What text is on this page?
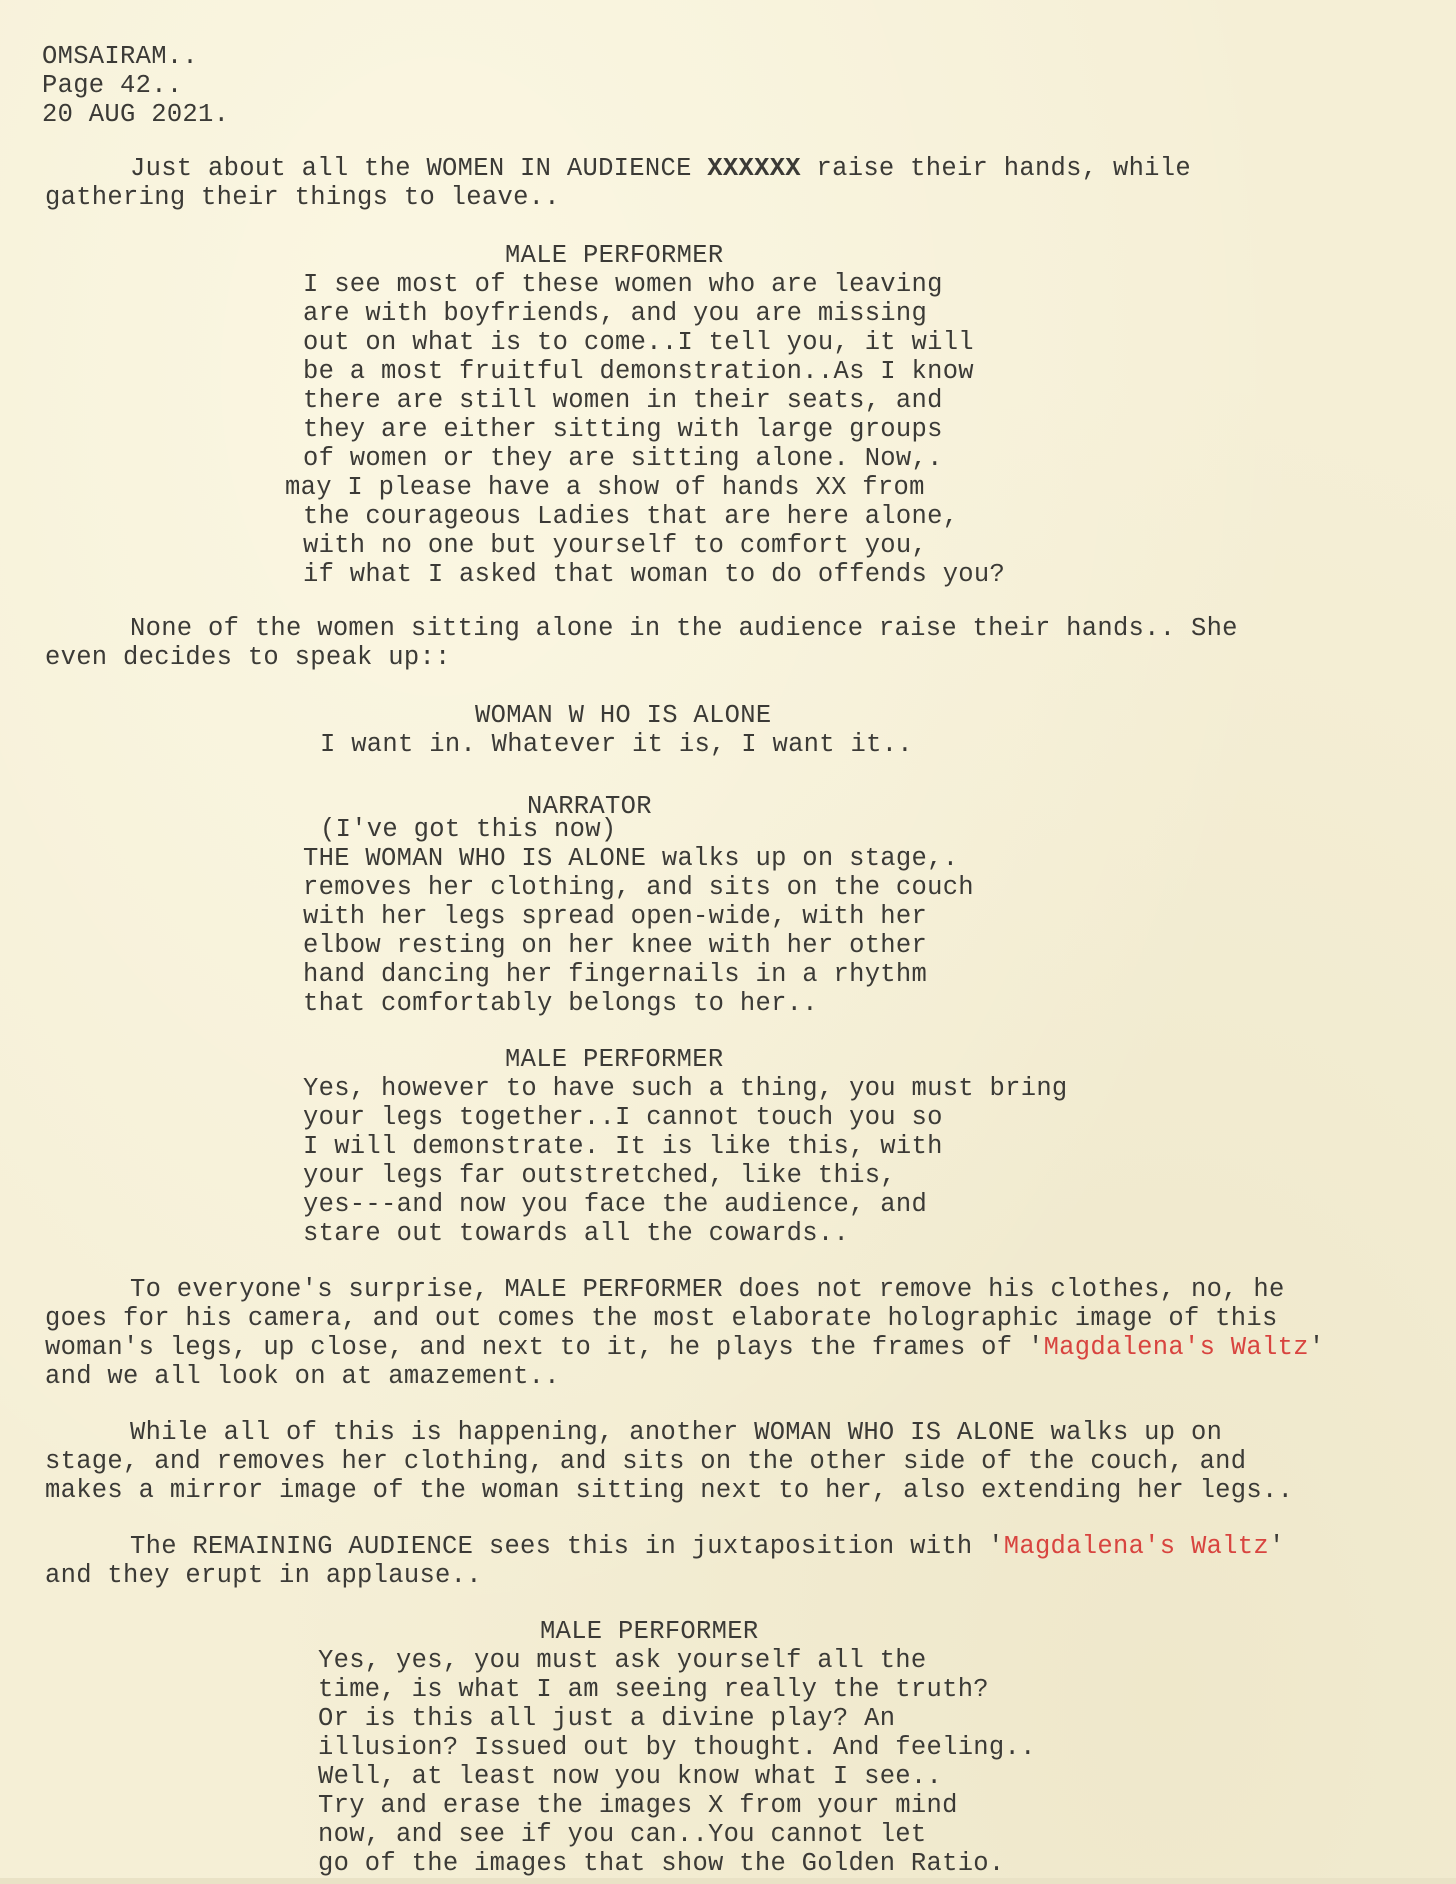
OMSAIRAM..
Page 42..
20 AUG 2021.
Just about all the WOMEN IN AUDIENCE XXXXXX raise their hands, while
gathering their things to leave..
MALE PERFORMER
I see most of these women who are leaving
are with boyfriends, and you are missing
out on what is to come..I tell you, it will
be a most fruitful demonstration..As I know
there are still women in their seats, and
they are either sitting with large groups
of women or they are sitting alone. Now,.
may I please have a show of hands XX from
the courageous Ladies that are here alone,
with no one but yourself to comfort you,
if what I asked that woman to do offends you?
None of the women sitting alone in the audience raise their hands.. She
even decides to speak up::
WOMAN W HO IS ALONE
I want in. Whatever it is, I want it..
NARRATOR
(I've got this now)
THE WOMAN WHO IS ALONE walks up on stage,.
removes her clothing, and sits on the couch
with her legs spread open-wide, with her
elbow resting on her knee with her other
hand dancing her fingernails in a rhythm
that comfortably belongs to her..
MALE PERFORMER
Yes, however to have such a thing, you must bring
your legs together..I cannot touch you so
I will demonstrate. It is like this, with
your legs far outstretched, like this,
yes---and now you face the audience, and
stare out towards all the cowards..
To everyone's surprise, MALE PERFORMER does not remove his clothes, no, he
goes for his camera, and out comes the most elaborate holographic image of this
woman's legs, up close, and next to it, he plays the frames of 'Magdalena's Waltz'
and we all look on at amazement..
While all of this is happening, another WOMAN WHO IS ALONE walks up on
stage, and removes her clothing, and sits on the other side of the couch, and
makes a mirror image of the woman sitting next to her, also extending her legs..
The REMAINING AUDIENCE sees this in juxtaposition with 'Magdalena's Waltz'
and they erupt in applause..
MALE PERFORMER
Yes, yes, you must ask yourself all the
time, is what I am seeing really the truth?
Or is this all just a divine play? An
illusion? Issued out by thought. And feeling..
Well, at least now you know what I see..
Try and erase the images X from your mind
now, and see if you can..You cannot let
go of the images that show the Golden Ratio.
